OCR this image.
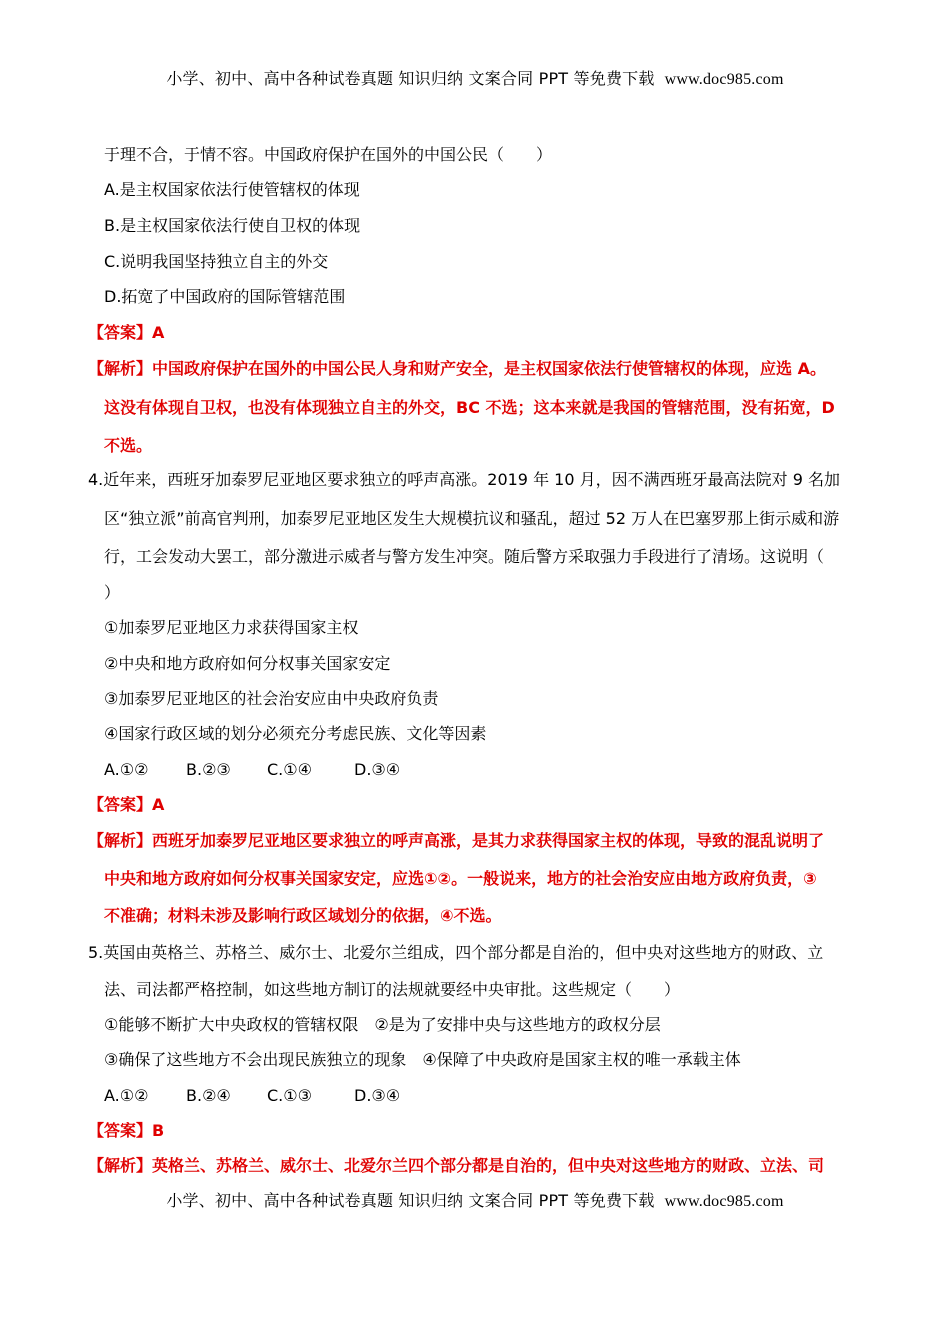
小学、初中、高中各种试卷真题 知识归纳 文案合同 PPT 等免费下载 www.doc985.com
于理不合，于情不容。中国政府保护在国外的中国公民（　　）
A.是主权国家依法行使管辖权的体现
B.是主权国家依法行使自卫权的体现
C.说明我国坚持独立自主的外交
D.拓宽了中国政府的国际管辖范围
【答案】A
【解析】中国政府保护在国外的中国公民人身和财产安全，是主权国家依法行使管辖权的体现，应选 A。
这没有体现自卫权，也没有体现独立自主的外交，BC 不选；这本来就是我国的管辖范围，没有拓宽，D
不选。
4.近年来，西班牙加泰罗尼亚地区要求独立的呼声高涨。2019 年 10 月，因不满西班牙最高法院对 9 名加
区“独立派”前高官判刑，加泰罗尼亚地区发生大规模抗议和骚乱，超过 52 万人在巴塞罗那上街示威和游
行，工会发动大罢工，部分激进示威者与警方发生冲突。随后警方采取强力手段进行了清场。这说明（
）
①加泰罗尼亚地区力求获得国家主权
②中央和地方政府如何分权事关国家安定
③加泰罗尼亚地区的社会治安应由中央政府负责
④国家行政区域的划分必须充分考虑民族、文化等因素
A.①② B.②③ C.①④	D.③④
【答案】A
【解析】西班牙加泰罗尼亚地区要求独立的呼声高涨，是其力求获得国家主权的体现，导致的混乱说明了
中央和地方政府如何分权事关国家安定，应选①②。一般说来，地方的社会治安应由地方政府负责，③
不准确；材料未涉及影响行政区域划分的依据，④不选。
5.英国由英格兰、苏格兰、威尔士、北爱尔兰组成，四个部分都是自治的，但中央对这些地方的财政、立
法、司法都严格控制，如这些地方制订的法规就要经中央审批。这些规定（　　）
①能够不断扩大中央政权的管辖权限　②是为了安排中央与这些地方的政权分层
③确保了这些地方不会出现民族独立的现象　④保障了中央政府是国家主权的唯一承载主体
A.①② B.②④ C.①③	D.③④
【答案】B
【解析】英格兰、苏格兰、威尔士、北爱尔兰四个部分都是自治的，但中央对这些地方的财政、立法、司
小学、初中、高中各种试卷真题 知识归纳 文案合同 PPT 等免费下载 www.doc985.com
